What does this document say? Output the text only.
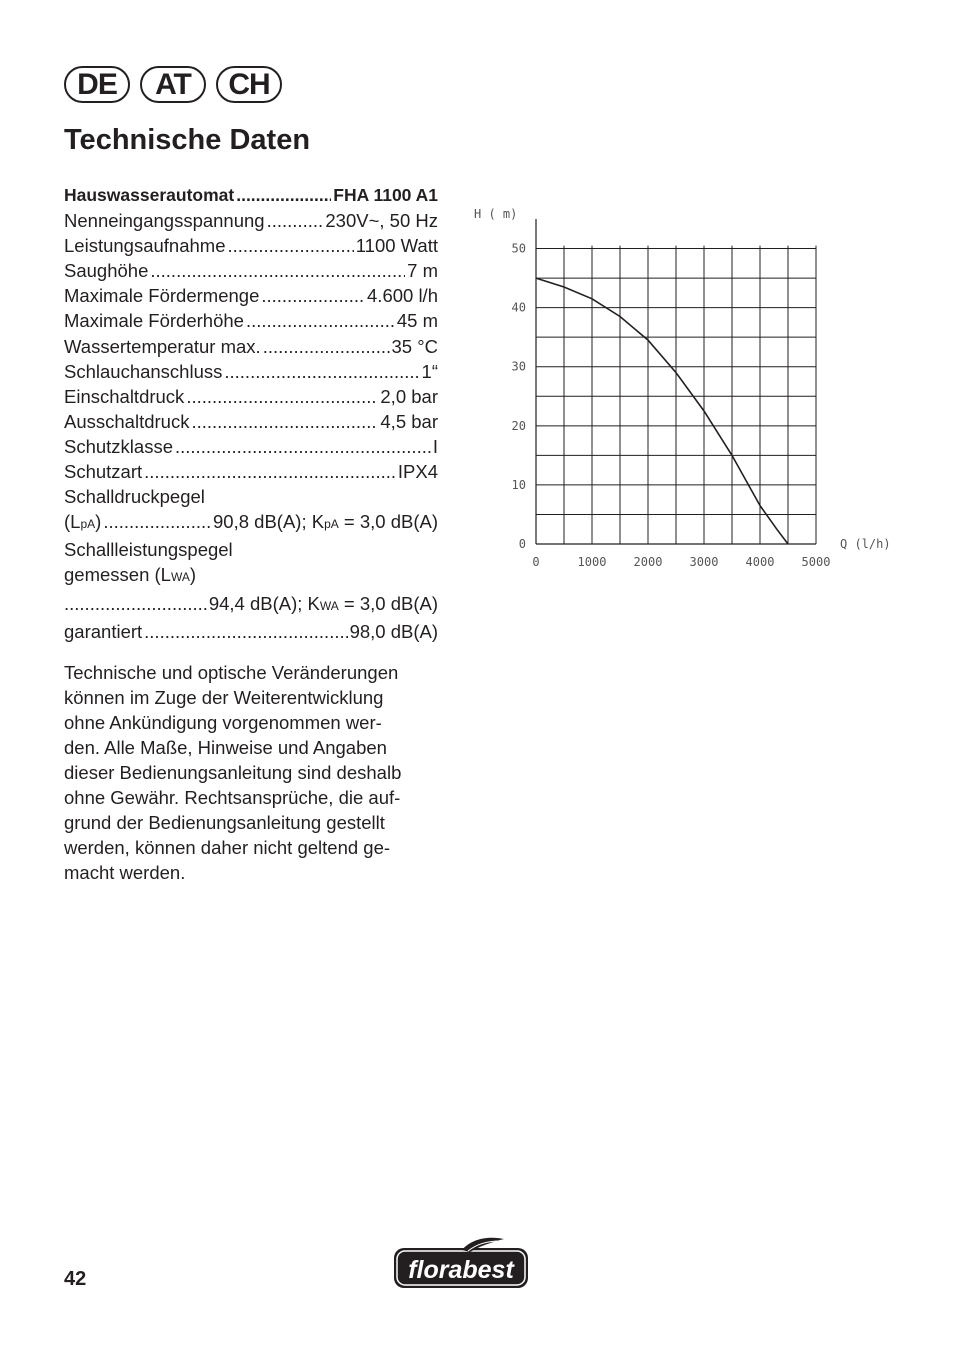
DE	AT	CH
Technische Daten
Hauswasserautomat .....	FHA 1100 A1
Nenneingangsspannung .....	230V~, 50 Hz
Leistungsaufnahme .....	1100 Watt
Saughöhe .....	7 m
Maximale Fördermenge .....	4.600 l/h
Maximale Förderhöhe .....	45 m
Wassertemperatur max. .....	35 °C
Schlauchanschluss .....	1“
Einschaltdruck .....	2,0 bar
Ausschaltdruck .....	4,5 bar
Schutzklasse .....	I
Schutzart .....	IPX4
Schalldruckpegel
(LpA) .....	90,8 dB(A); KpA = 3,0 dB(A)
Schallleistungspegel
gemessen (LWA)
.....
94,4 dB(A); KWA = 3,0 dB(A)
garantiert .....	98,0 dB(A)

Technische und optische Veränderungen
können im Zuge der Weiterentwicklung
ohne Ankündigung vorgenommen wer-
den. Alle Maße, Hinweise und Angaben
dieser Bedienungsanleitung sind deshalb
ohne Gewähr. Rechtsansprüche, die auf-
grund der Bedienungsanleitung gestellt
werden, können daher nicht geltend ge-
macht werden.

0
10
20
30
40
50
0	1000 2000 3000 4000 5000
H ( m)
Q (l/h)
42	florabest
